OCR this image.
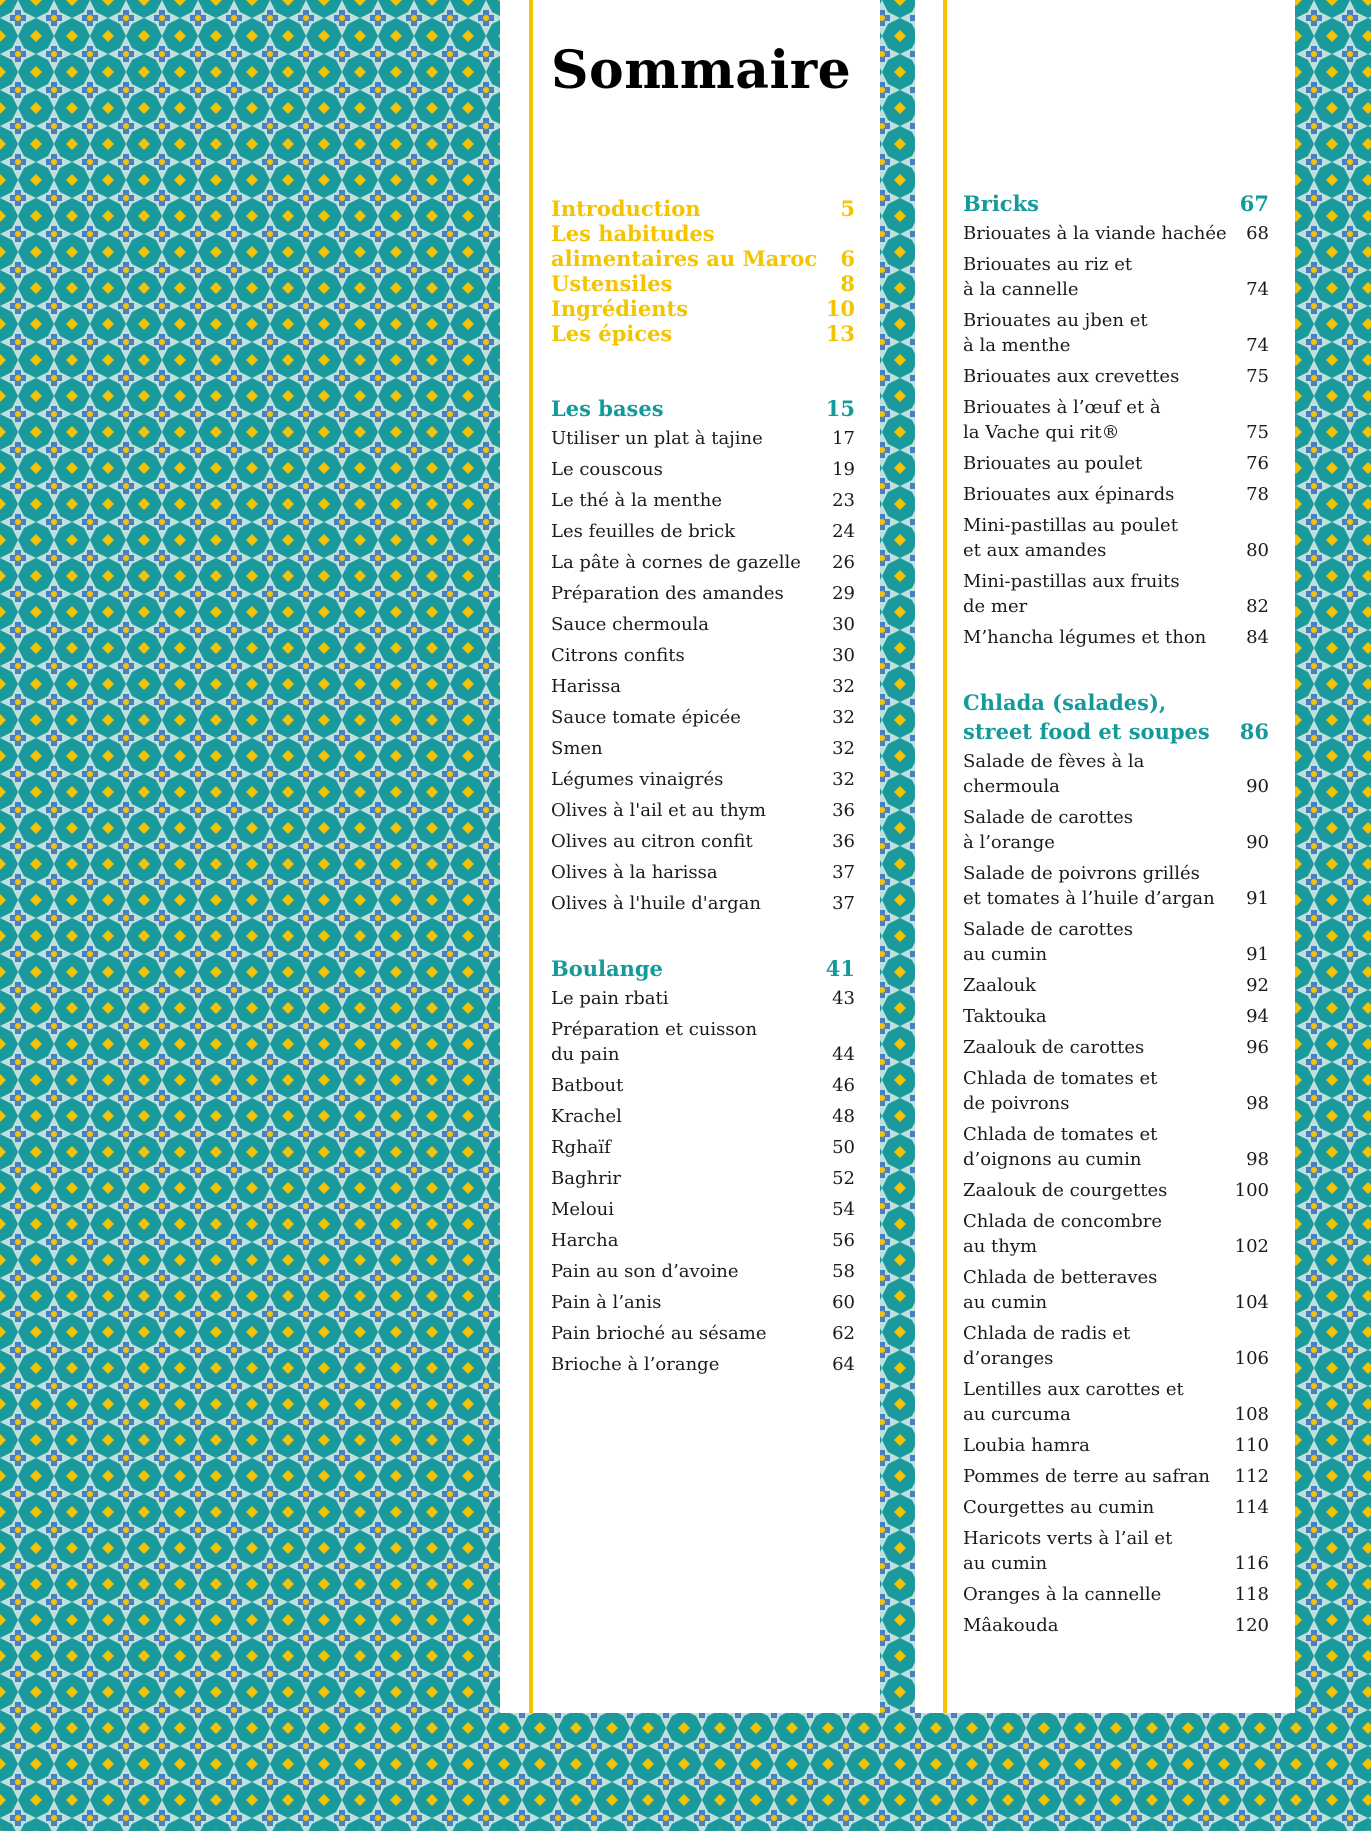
Sommaire
Introduction	5
Les habitudes
alimentaires au Maroc	6
Ustensiles	8
Ingrédients	10
Les épices	13
Les bases	15
Utiliser un plat à tajine	17
Le couscous	19
Le thé à la menthe	23
Les feuilles de brick	24
La pâte à cornes de gazelle	26
Préparation des amandes	29
Sauce chermoula	30
Citrons confits	30
Harissa	32
Sauce tomate épicée	32
Smen	32
Légumes vinaigrés	32
Olives à l'ail et au thym	36
Olives au citron confit	36
Olives à la harissa	37
Olives à l'huile d'argan	37
Boulange	41
Le pain rbati	43
Préparation et cuisson
du pain	44
Batbout	46
Krachel	48
Rghaïf	50
Baghrir	52
Meloui	54
Harcha	56
Pain au son d’avoine	58
Pain à l’anis	60
Pain brioché au sésame	62
Brioche à l’orange	64
Bricks	67
Briouates à la viande hachée	68
Briouates au riz et
à la cannelle	74
Briouates au jben et
à la menthe	74
Briouates aux crevettes	75
Briouates à l’œuf et à
la Vache qui rit®	75
Briouates au poulet	76
Briouates aux épinards	78
Mini-pastillas au poulet
et aux amandes	80
Mini-pastillas aux fruits
de mer	82
M’hancha légumes et thon	84
Chlada (salades),
street food et soupes	86
Salade de fèves à la
chermoula	90
Salade de carottes
à l’orange	90
Salade de poivrons grillés
et tomates à l’huile d’argan	91
Salade de carottes
au cumin	91
Zaalouk	92
Taktouka	94
Zaalouk de carottes	96
Chlada de tomates et
de poivrons	98
Chlada de tomates et
d’oignons au cumin	98
Zaalouk de courgettes	100
Chlada de concombre
au thym	102
Chlada de betteraves
au cumin	104
Chlada de radis et
d’oranges	106
Lentilles aux carottes et
au curcuma	108
Loubia hamra	110
Pommes de terre au safran	112
Courgettes au cumin	114
Haricots verts à l’ail et
au cumin	116
Oranges à la cannelle	118
Mâakouda	120
